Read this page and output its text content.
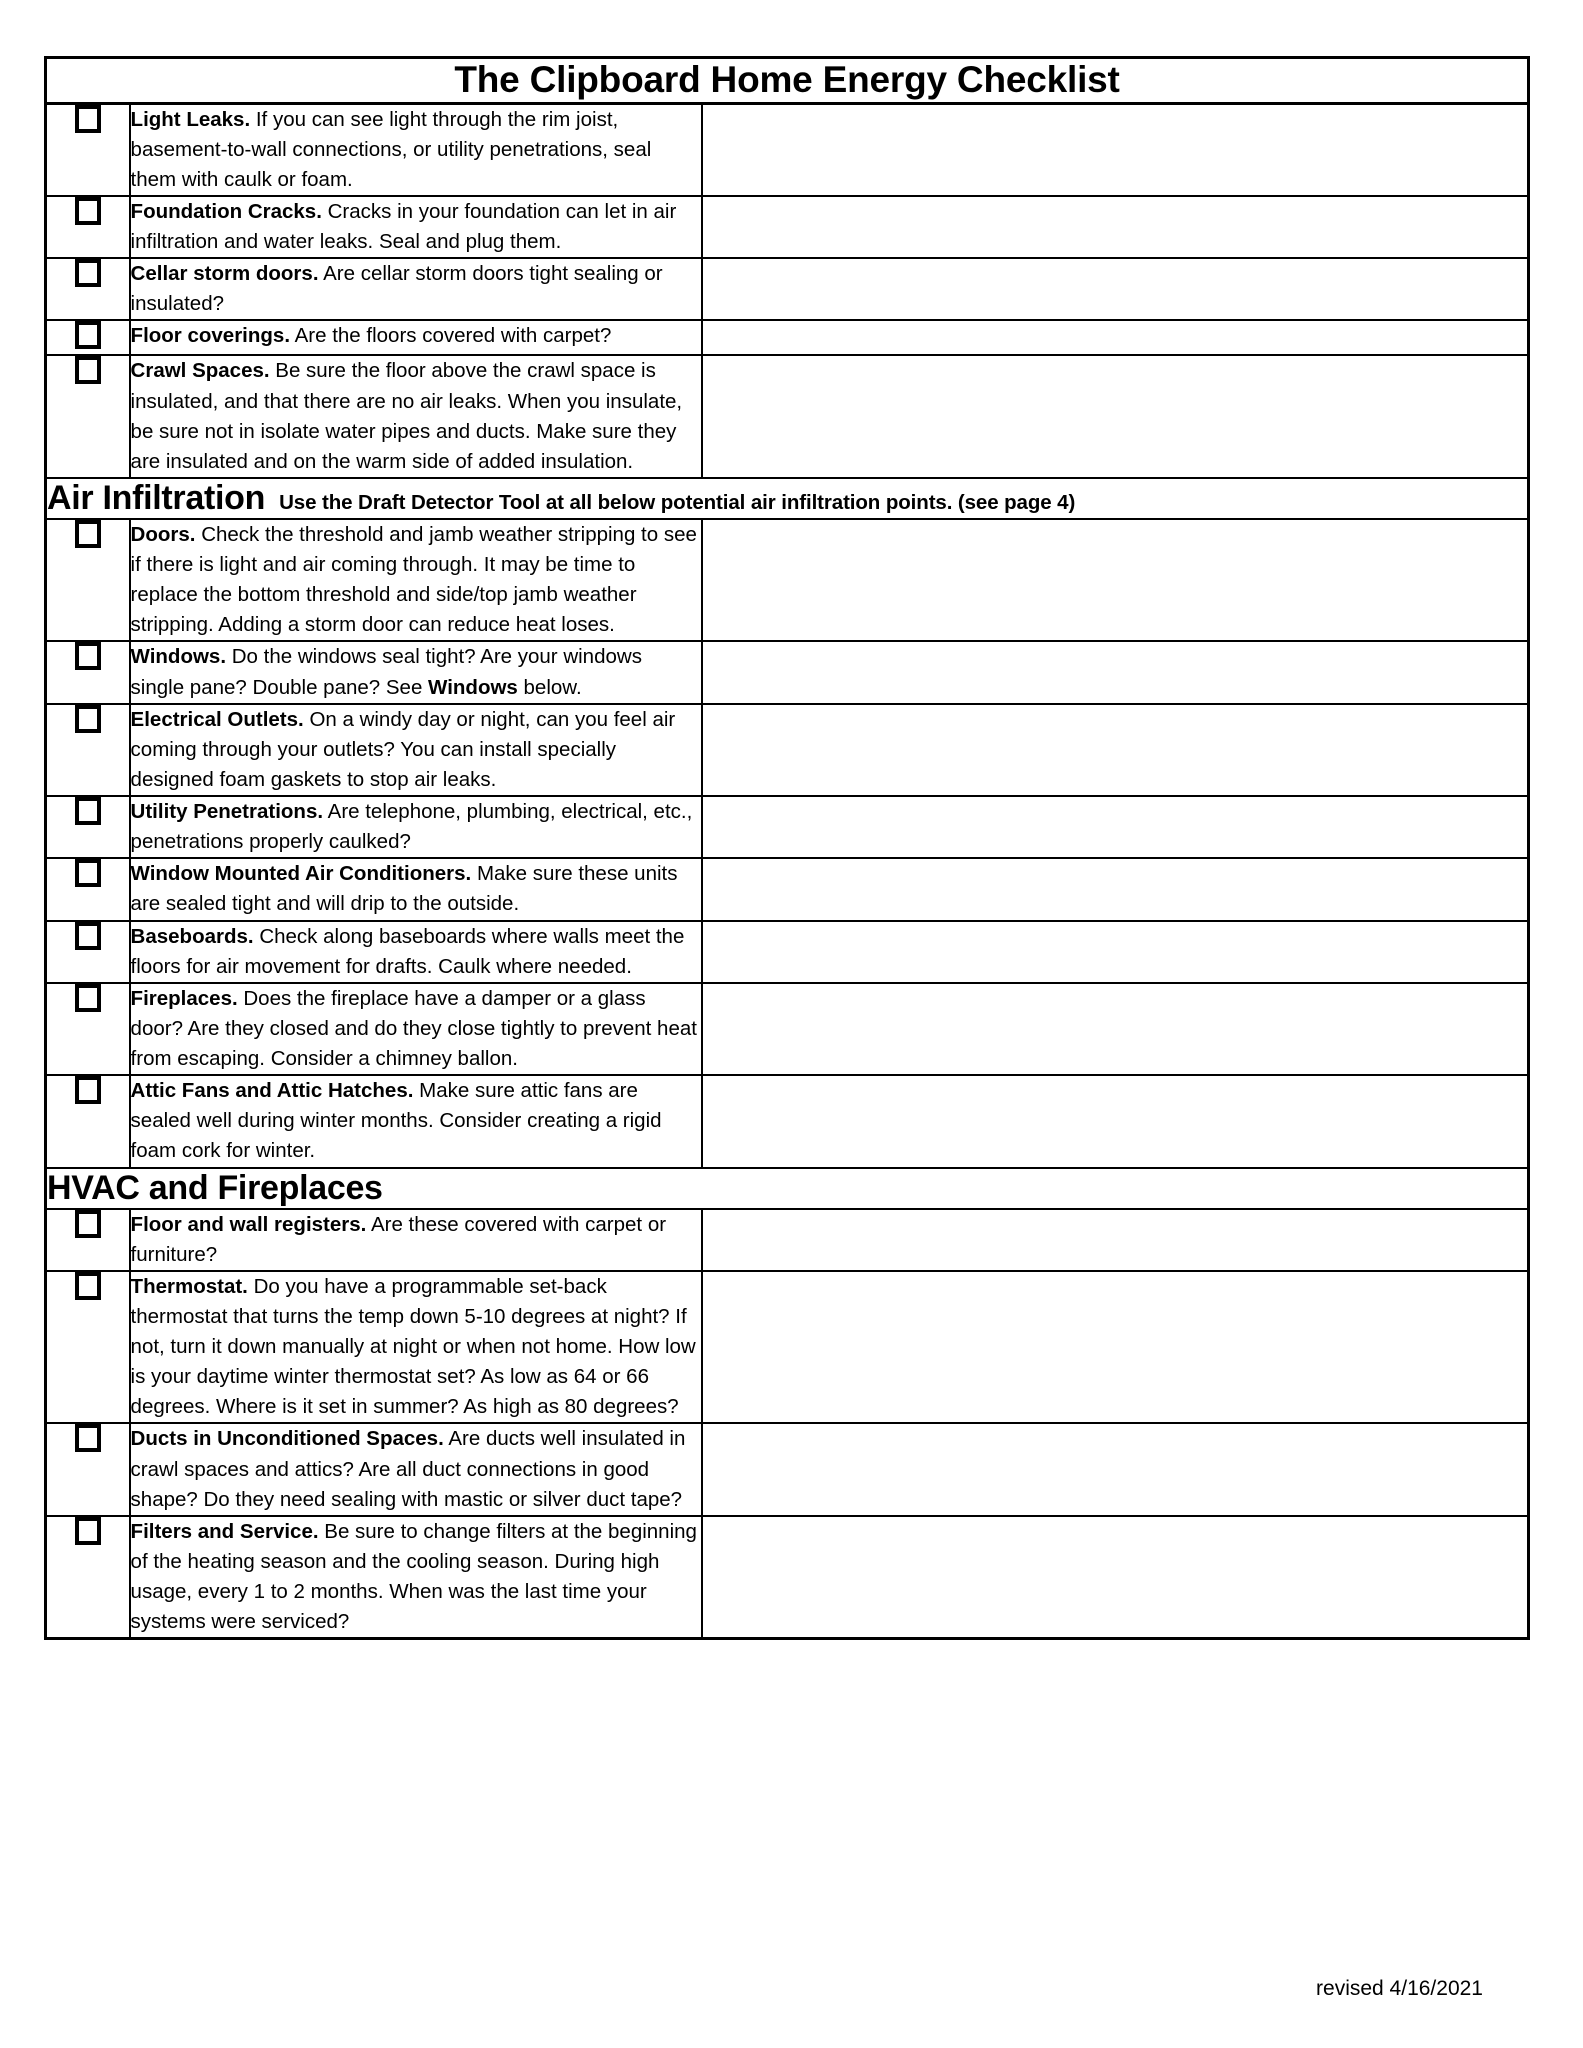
The Clipboard Home Energy Checklist		

	Light Leaks. If you can see light through the rim joist, basement-to-wall connections, or utility penetrations, seal them with caulk or foam.	
	Foundation Cracks. Cracks in your foundation can let in air infiltration and water leaks. Seal and plug them.	
	Cellar storm doors. Are cellar storm doors tight sealing or insulated?	
	Floor coverings. Are the floors covered with carpet?	
	Crawl Spaces. Be sure the floor above the crawl space is insulated, and that there are no air leaks. When you insulate, be sure not in isolate water pipes and ducts. Make sure they are insulated and on the warm side of added insulation.	
Air Infiltration Use the Draft Detector Tool at all below potential air infiltration points. (see page 4)		
	Doors. Check the threshold and jamb weather stripping to see if there is light and air coming through. It may be time to replace the bottom threshold and side/top jamb weather stripping. Adding a storm door can reduce heat loses.	
	Windows. Do the windows seal tight? Are your windows single pane? Double pane? See Windows below.	
	Electrical Outlets. On a windy day or night, can you feel air coming through your outlets? You can install specially designed foam gaskets to stop air leaks.	
	Utility Penetrations. Are telephone, plumbing, electrical, etc., penetrations properly caulked?	
	Window Mounted Air Conditioners. Make sure these units are sealed tight and will drip to the outside.	
	Baseboards. Check along baseboards where walls meet the floors for air movement for drafts. Caulk where needed.	
	Fireplaces. Does the fireplace have a damper or a glass door? Are they closed and do they close tightly to prevent heat from escaping. Consider a chimney ballon.	
	Attic Fans and Attic Hatches. Make sure attic fans are sealed well during winter months. Consider creating a rigid foam cork for winter.	
HVAC and Fireplaces		
	Floor and wall registers. Are these covered with carpet or furniture?	
	Thermostat. Do you have a programmable set-back thermostat that turns the temp down 5-10 degrees at night? If not, turn it down manually at night or when not home. How low is your daytime winter thermostat set? As low as 64 or 66 degrees. Where is it set in summer? As high as 80 degrees?	
	Ducts in Unconditioned Spaces. Are ducts well insulated in crawl spaces and attics? Are all duct connections in good shape? Do they need sealing with mastic or silver duct tape?	
	Filters and Service. Be sure to change filters at the beginning of the heating season and the cooling season. During high usage, every 1 to 2 months. When was the last time your systems were serviced?	
revised 4/16/2021
